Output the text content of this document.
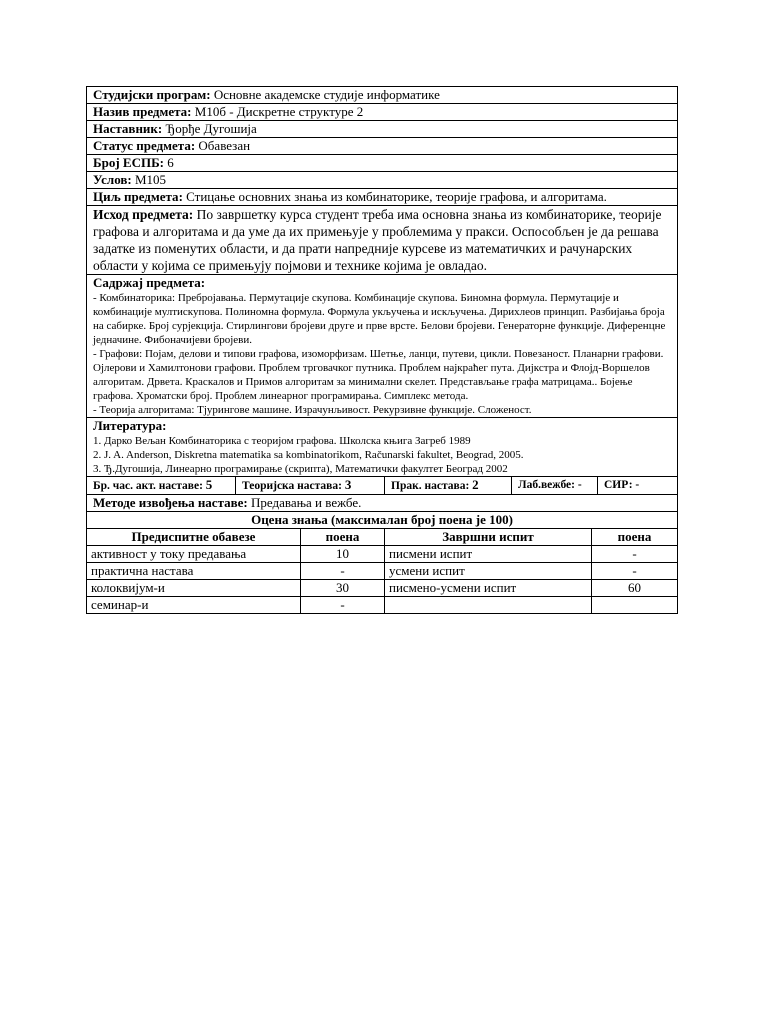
Студијски програм: Основне академске студије информатике
Назив предмета: М10б - Дискретне структуре 2
Наставник: Ђорђе Дугошија
Статус предмета: Обавезан
Број ЕСПБ: 6
Услов: М105
Циљ предмета: Стицање основних знања из комбинаторике, теорије графова, и алгоритама.
Исход предмета: По завршетку курса студент треба има основна знања из комбинаторике, теорије графова и алгоритама и да уме да их примењује у проблемима у пракси. Оспособљен је да решава задатке из поменутих области, и да прати напредније курсеве из математичких и рачунарских области у којима се примењују појмови и технике којима је овладао.

Садржај предмета:
- Комбинаторика: Пребројавања. Пермутације скупова. Комбинације скупова. Биномна формула. Пермутације и комбинације мултискупова. Полиномна формула. Формула укључења и искључења. Дирихлеов принцип. Разбијања броја на сабирке. Број сурјекција. Стирлингови бројеви друге и прве врсте. Белови бројеви. Генераторне функције. Диференцне једначине. Фибоначијеви бројеви.
- Графови: Појам, делови и типови графова, изоморфизам. Шетње, ланци, путеви, цикли. Повезаност. Планарни графови. Ојлерови и Хамилтонови графови. Проблем трговачког путника. Проблем најкраћег пута. Дијкстра и Флојд-Воршелов алгоритам. Дрвета. Краскалов и Примов алгоритам за минимални скелет. Представљање графа матрицама.. Бојење графова. Хроматски број. Проблем линеарног програмирања. Симплекс метода.
- Теорија алгоритама: Тјурингове машине. Израчунљивост. Рекурзивне функције. Сложеност.

Литература:
1. Дарко Вељан Комбинаторика с теоријом графова. Школска књига Загреб 1989
2. J. A. Anderson, Diskretna matematika sa kombinatorikom, Računarski fakultet, Beograd, 2005.
3. Ђ.Дугошија, Линеарно програмирање (скрипта), Математички факултет Београд 2002

Бр. час. акт. наставе: 5	Теоријска настава: 3	Прак. настава: 2	Лаб.вежбе: -	СИР: -
Методе извођења наставе: Предавања и вежбе.
Оцена знања (максималан број поена је 100)
Предиспитне обавезе	поена	Завршни испит	поена
активност у току предавања	10	писмени испит	-
практична настава	-	усмени испит	-
колоквијум-и	30	писмено-усмени испит	60
семинар-и	-		
